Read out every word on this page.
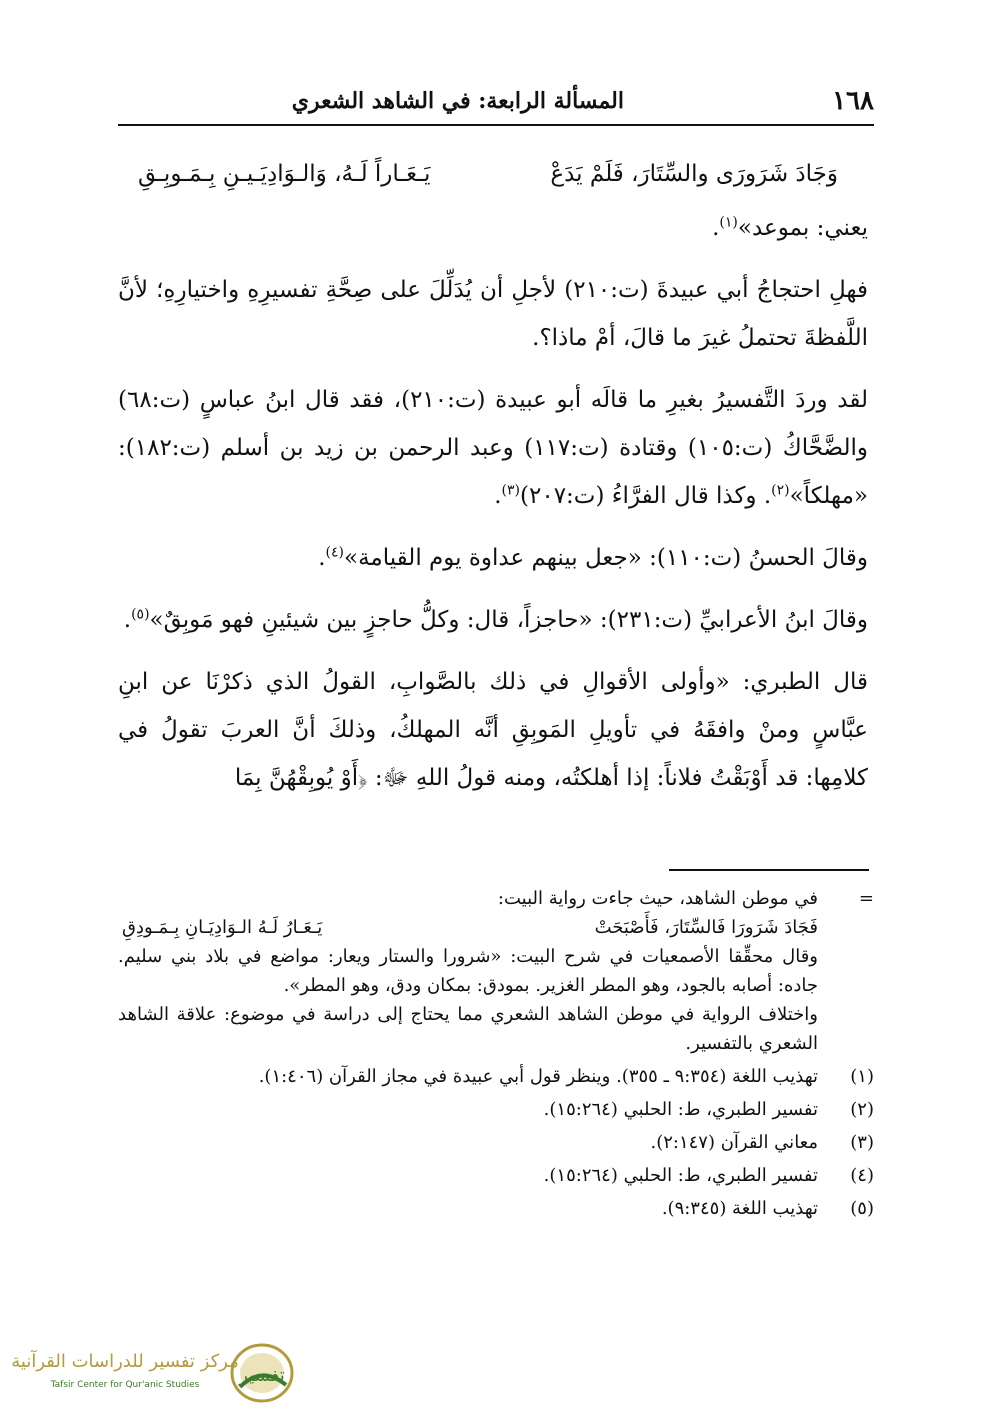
١٦٨
المسألة الرابعة: في الشاهد الشعري
وَجَادَ شَرَورَى والسِّتَارَ، فَلَمْ يَدَعْ
يَـعَـاراً لَـهُ، وَالـوَادِيَـيـنِ بِـمَـوبِـقِ

يعني: بموعد»$^{(١)}$.

فهلِ احتجاجُ أبي عبيدةَ (ت:٢١٠) لأجلِ أن يُدَلِّلَ على صِحَّةِ تفسيرِهِ واختيارِهِ؛ لأنَّ اللَّفظةَ تحتملُ غيرَ ما قالَ، أمْ ماذا؟.

لقد وردَ التَّفسيرُ بغيرِ ما قالَه أبو عبيدة (ت:٢١٠)، فقد قال ابنُ عباسٍ (ت:٦٨) والضَّحَّاكُ (ت:١٠٥) وقتادة (ت:١١٧) وعبد الرحمن بن زيد بن أسلم (ت:١٨٢): «مهلكاً»$^{(٢)}$. وكذا قال الفرَّاءُ (ت:٢٠٧)$^{(٣)}$.

وقالَ الحسنُ (ت:١١٠): «جعل بينهم عداوة يوم القيامة»$^{(٤)}$.

وقالَ ابنُ الأعرابيِّ (ت:٢٣١): «حاجزاً، قال: وكلُّ حاجزٍ بين شيئينِ فهو مَوبِقٌ»$^{(٥)}$.

قال الطبري: «وأولى الأقوالِ في ذلك بالصَّوابِ، القولُ الذي ذكرْنَا عن ابنِ عبَّاسٍ ومنْ وافقَهُ في تأويلِ المَوبِقِ أنَّه المهلكُ، وذلكَ أنَّ العربَ تقولُ في كلامِها: قد أَوْبَقْتُ فلاناً: إذا أهلكتُه، ومنه قولُ اللهِ ﷻ: ﴿أَوْ يُوبِقْهُنَّ بِمَا

=

في موطن الشاهد، حيث جاءت رواية البيت:

فَجَادَ شَرَورَا فَالسِّتَارَ، فَأَصْبَحَتْ
يَـعَـارُ لَـهُ الـوَادِيَـانِ بِـمَـودِقِ

وقال محقِّقا الأصمعيات في شرح البيت: «شرورا والستار ويعار: مواضع في بلاد بني سليم. جاده: أصابه بالجود، وهو المطر الغزير. بمودق: بمكان ودق، وهو المطر».

واختلاف الرواية في موطن الشاهد الشعري مما يحتاج إلى دراسة في موضوع: علاقة الشاهد الشعري بالتفسير.

(١)
تهذيب اللغة (٩:٣٥٤ ـ ٣٥٥). وينظر قول أبي عبيدة في مجاز القرآن (١:٤٠٦).
(٢)
تفسير الطبري، ط: الحلبي (١٥:٢٦٤).
(٣)
معاني القرآن (٢:١٤٧).
(٤)
تفسير الطبري، ط: الحلبي (١٥:٢٦٤).
(٥)
تهذيب اللغة (٩:٣٤٥).
تفسير
مركز تفسير للدراسات القرآنية
Tafsir Center for Qur'anic Studies
